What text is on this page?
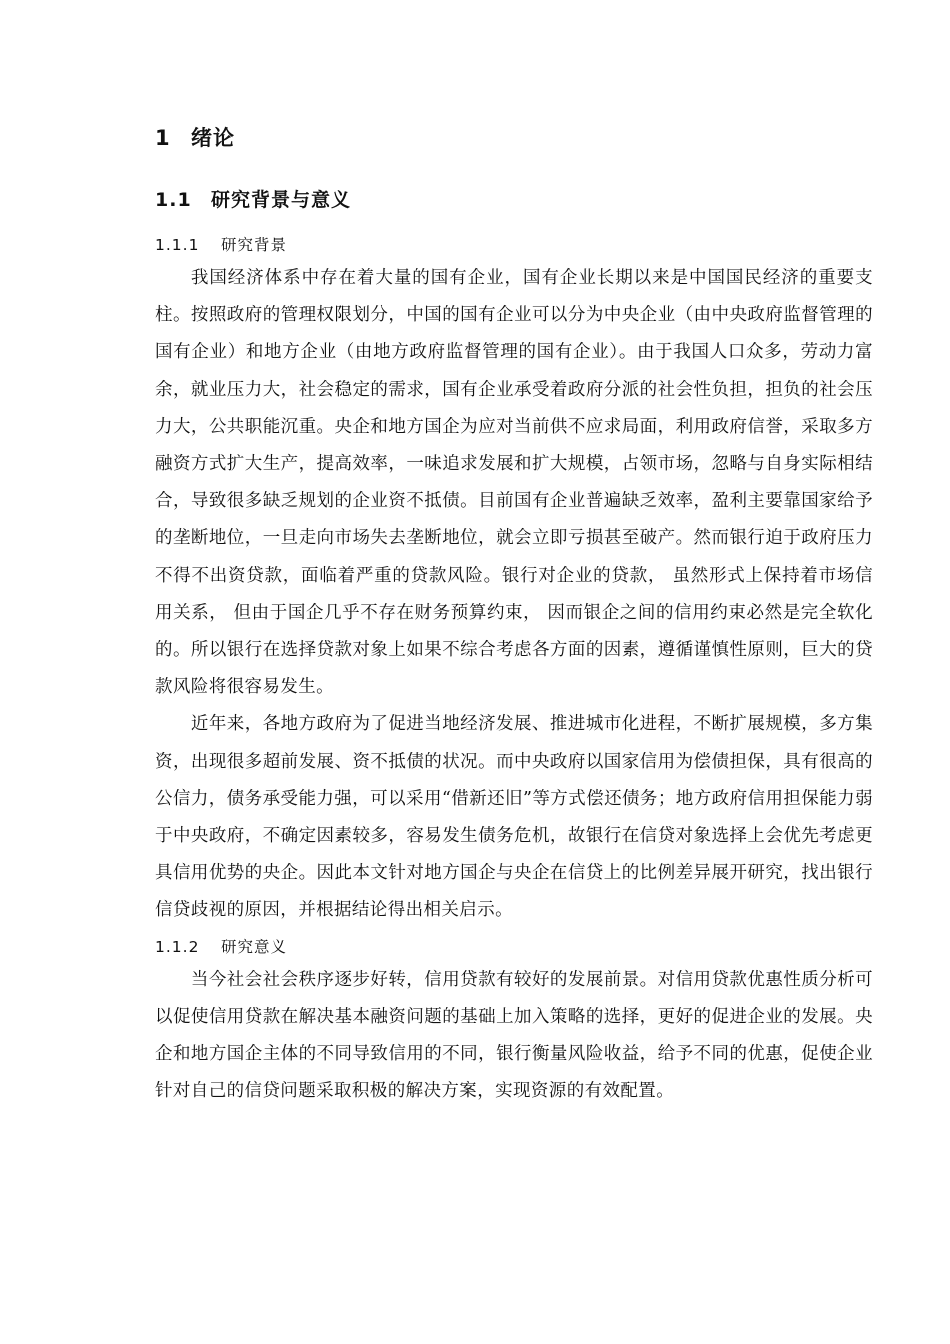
1 绪论
1.1 研究背景与意义
1.1.1 研究背景

我国经济体系中存在着大量的国有企业，国有企业长期以来是中国国民经济的重要支柱。按照政府的管理权限划分，中国的国有企业可以分为中央企业（由中央政府监督管理的国有企业）和地方企业（由地方政府监督管理的国有企业）。由于我国人口众多，劳动力富余，就业压力大，社会稳定的需求，国有企业承受着政府分派的社会性负担，担负的社会压力大，公共职能沉重。央企和地方国企为应对当前供不应求局面，利用政府信誉，采取多方融资方式扩大生产，提高效率，一味追求发展和扩大规模，占领市场，忽略与自身实际相结合，导致很多缺乏规划的企业资不抵债。目前国有企业普遍缺乏效率，盈利主要靠国家给予的垄断地位，一旦走向市场失去垄断地位，就会立即亏损甚至破产。然而银行迫于政府压力不得不出资贷款，面临着严重的贷款风险。银行对企业的贷款， 虽然形式上保持着市场信用关系， 但由于国企几乎不存在财务预算约束， 因而银企之间的信用约束必然是完全软化的。所以银行在选择贷款对象上如果不综合考虑各方面的因素，遵循谨慎性原则，巨大的贷款风险将很容易发生。

近年来，各地方政府为了促进当地经济发展、推进城市化进程，不断扩展规模，多方集资，出现很多超前发展、资不抵债的状况。而中央政府以国家信用为偿债担保，具有很高的公信力，债务承受能力强，可以采用“借新还旧”等方式偿还债务；地方政府信用担保能力弱于中央政府，不确定因素较多，容易发生债务危机，故银行在信贷对象选择上会优先考虑更具信用优势的央企。因此本文针对地方国企与央企在信贷上的比例差异展开研究，找出银行信贷歧视的原因，并根据结论得出相关启示。

1.1.2 研究意义

当今社会社会秩序逐步好转，信用贷款有较好的发展前景。对信用贷款优惠性质分析可以促使信用贷款在解决基本融资问题的基础上加入策略的选择，更好的促进企业的发展。央企和地方国企主体的不同导致信用的不同，银行衡量风险收益，给予不同的优惠，促使企业针对自己的信贷问题采取积极的解决方案，实现资源的有效配置。
